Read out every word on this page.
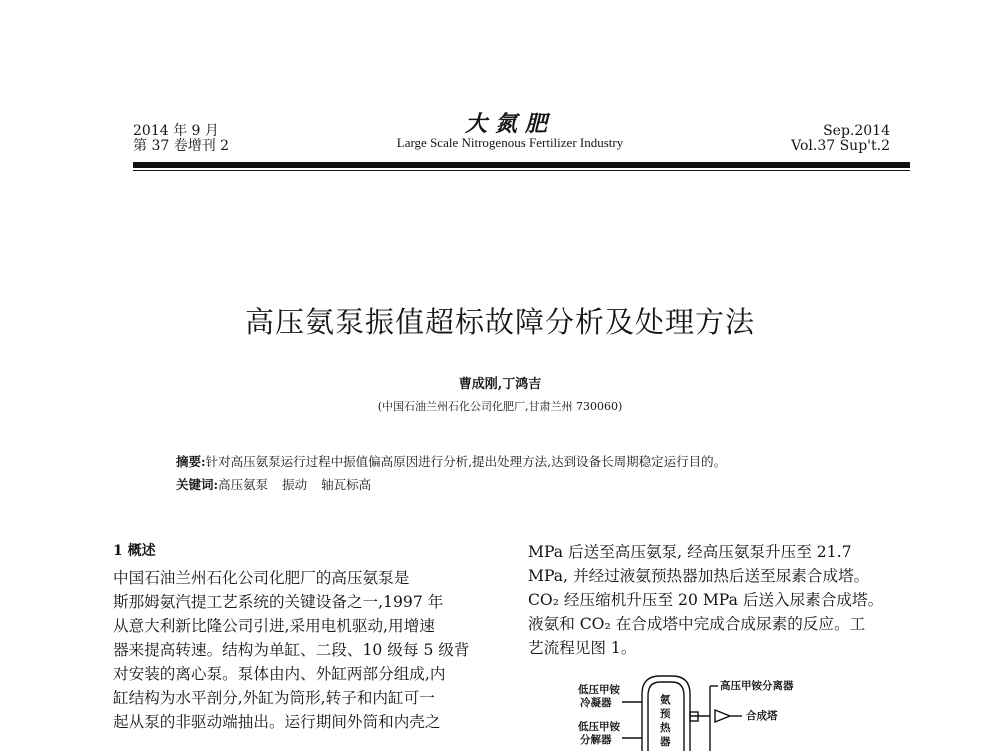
2014 年 9 月
第 37 卷增刊 2
大氮肥
Large Scale Nitrogenous Fertilizer Industry
Sep.2014
Vol.37 Sup't.2
高压氨泵振值超标故障分析及处理方法
曹成刚,丁鸿吉
(中国石油兰州石化公司化肥厂,甘肃兰州 730060)
摘要:针对高压氨泵运行过程中振值偏高原因进行分析,提出处理方法,达到设备长周期稳定运行目的。
关键词:高压氨泵 振动 轴瓦标高
1 概述
中国石油兰州石化公司化肥厂的高压氨泵是
斯那姆氨汽提工艺系统的关键设备之一,1997 年
从意大利新比隆公司引进,采用电机驱动,用增速
器来提高转速。结构为单缸、二段、10 级每 5 级背
对安装的离心泵。泵体由内、外缸两部分组成,内
缸结构为水平剖分,外缸为筒形,转子和内缸可一
起从泵的非驱动端抽出。运行期间外筒和内壳之
MPa 后送至高压氨泵, 经高压氨泵升压至 21.7
MPa, 并经过液氨预热器加热后送至尿素合成塔。
CO₂ 经压缩机升压至 20 MPa 后送入尿素合成塔。
液氨和 CO₂ 在合成塔中完成合成尿素的反应。工
艺流程见图 1。
低压甲铵
冷凝器
低压甲铵
分解器
氨
预
热
器
高压甲铵分离器
合成塔
